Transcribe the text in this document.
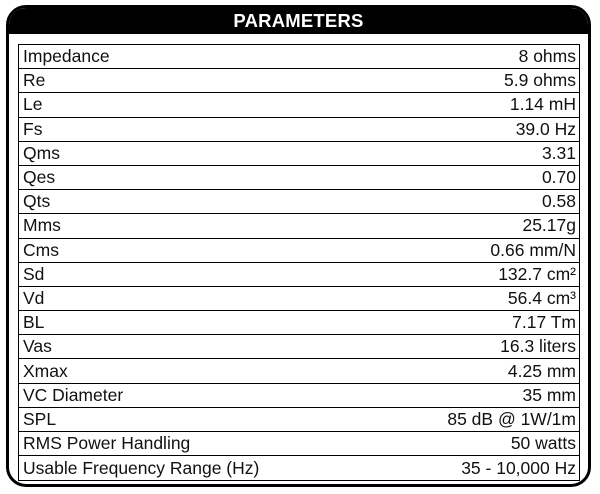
PARAMETERS
Impedance	8 ohms
Re	5.9 ohms
Le	1.14 mH
Fs	39.0 Hz
Qms	3.31
Qes	0.70
Qts	0.58
Mms	25.17g
Cms	0.66 mm/N
Sd	132.7 cm²
Vd	56.4 cm³
BL	7.17 Tm
Vas	16.3 liters
Xmax	4.25 mm
VC Diameter	35 mm
SPL	85 dB @ 1W/1m
RMS Power Handling	50 watts
Usable Frequency Range (Hz)	35 - 10,000 Hz
